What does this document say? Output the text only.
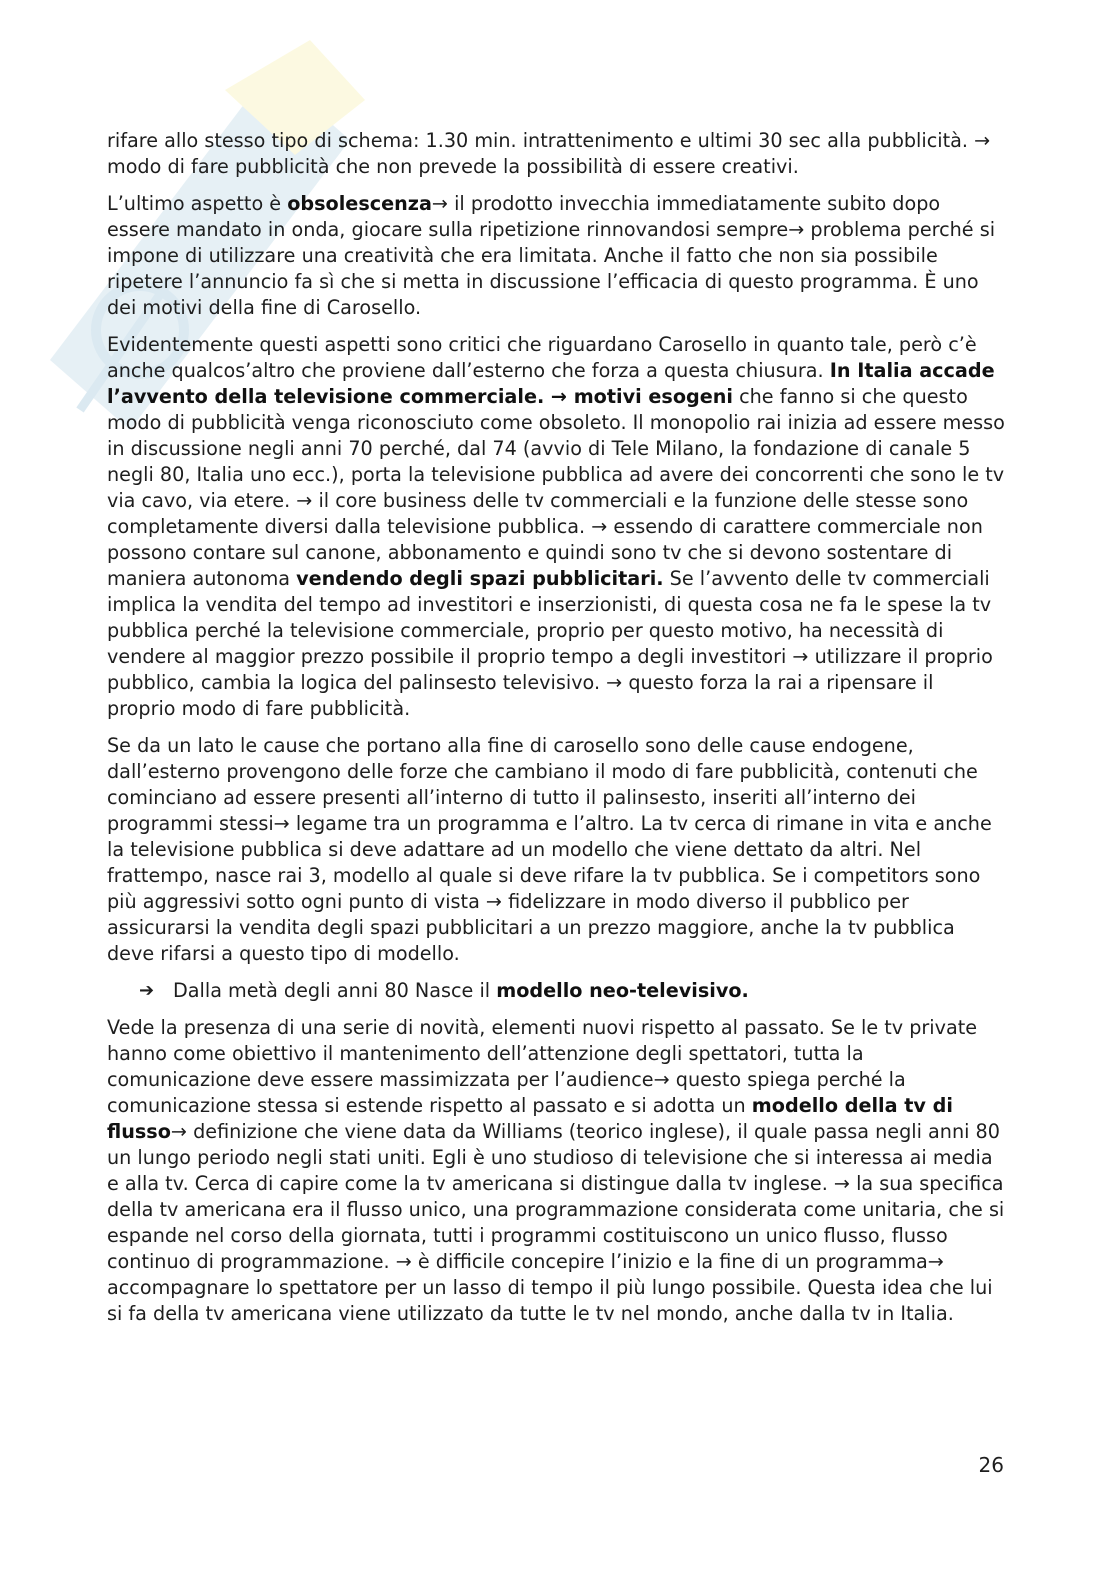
rifare allo stesso tipo di schema: 1.30 min. intrattenimento e ultimi 30 sec alla pubblicità. → modo di fare pubblicità che non prevede la possibilità di essere creativi.

L’ultimo aspetto è obsolescenza→ il prodotto invecchia immediatamente subito dopo essere mandato in onda, giocare sulla ripetizione rinnovandosi sempre→ problema perché si impone di utilizzare una creatività che era limitata. Anche il fatto che non sia possibile ripetere l’annuncio fa sì che si metta in discussione l’efficacia di questo programma. È uno dei motivi della fine di Carosello.

Evidentemente questi aspetti sono critici che riguardano Carosello in quanto tale, però c’è anche qualcos’altro che proviene dall’esterno che forza a questa chiusura. In Italia accade l’avvento della televisione commerciale. → motivi esogeni che fanno si che questo modo di pubblicità venga riconosciuto come obsoleto. Il monopolio rai inizia ad essere messo in discussione negli anni 70 perché, dal 74 (avvio di Tele Milano, la fondazione di canale 5 negli 80, Italia uno ecc.), porta la televisione pubblica ad avere dei concorrenti che sono le tv via cavo, via etere. → il core business delle tv commerciali e la funzione delle stesse sono completamente diversi dalla televisione pubblica. → essendo di carattere commerciale non possono contare sul canone, abbonamento e quindi sono tv che si devono sostentare di maniera autonoma vendendo degli spazi pubblicitari. Se l’avvento delle tv commerciali implica la vendita del tempo ad investitori e inserzionisti, di questa cosa ne fa le spese la tv pubblica perché la televisione commerciale, proprio per questo motivo, ha necessità di vendere al maggior prezzo possibile il proprio tempo a degli investitori → utilizzare il proprio pubblico, cambia la logica del palinsesto televisivo. → questo forza la rai a ripensare il proprio modo di fare pubblicità.

Se da un lato le cause che portano alla fine di carosello sono delle cause endogene, dall’esterno provengono delle forze che cambiano il modo di fare pubblicità, contenuti che cominciano ad essere presenti all’interno di tutto il palinsesto, inseriti all’interno dei programmi stessi→ legame tra un programma e l’altro. La tv cerca di rimane in vita e anche la televisione pubblica si deve adattare ad un modello che viene dettato da altri. Nel frattempo, nasce rai 3, modello al quale si deve rifare la tv pubblica. Se i competitors sono più aggressivi sotto ogni punto di vista → fidelizzare in modo diverso il pubblico per assicurarsi la vendita degli spazi pubblicitari a un prezzo maggiore, anche la tv pubblica deve rifarsi a questo tipo di modello.

➔ Dalla metà degli anni 80 Nasce il modello neo-televisivo.

Vede la presenza di una serie di novità, elementi nuovi rispetto al passato. Se le tv private hanno come obiettivo il mantenimento dell’attenzione degli spettatori, tutta la comunicazione deve essere massimizzata per l’audience→ questo spiega perché la comunicazione stessa si estende rispetto al passato e si adotta un modello della tv di flusso→ definizione che viene data da Williams (teorico inglese), il quale passa negli anni 80 un lungo periodo negli stati uniti. Egli è uno studioso di televisione che si interessa ai media e alla tv. Cerca di capire come la tv americana si distingue dalla tv inglese. → la sua specifica della tv americana era il flusso unico, una programmazione considerata come unitaria, che si espande nel corso della giornata, tutti i programmi costituiscono un unico flusso, flusso continuo di programmazione. → è difficile concepire l’inizio e la fine di un programma→ accompagnare lo spettatore per un lasso di tempo il più lungo possibile. Questa idea che lui si fa della tv americana viene utilizzato da tutte le tv nel mondo, anche dalla tv in Italia.

26
